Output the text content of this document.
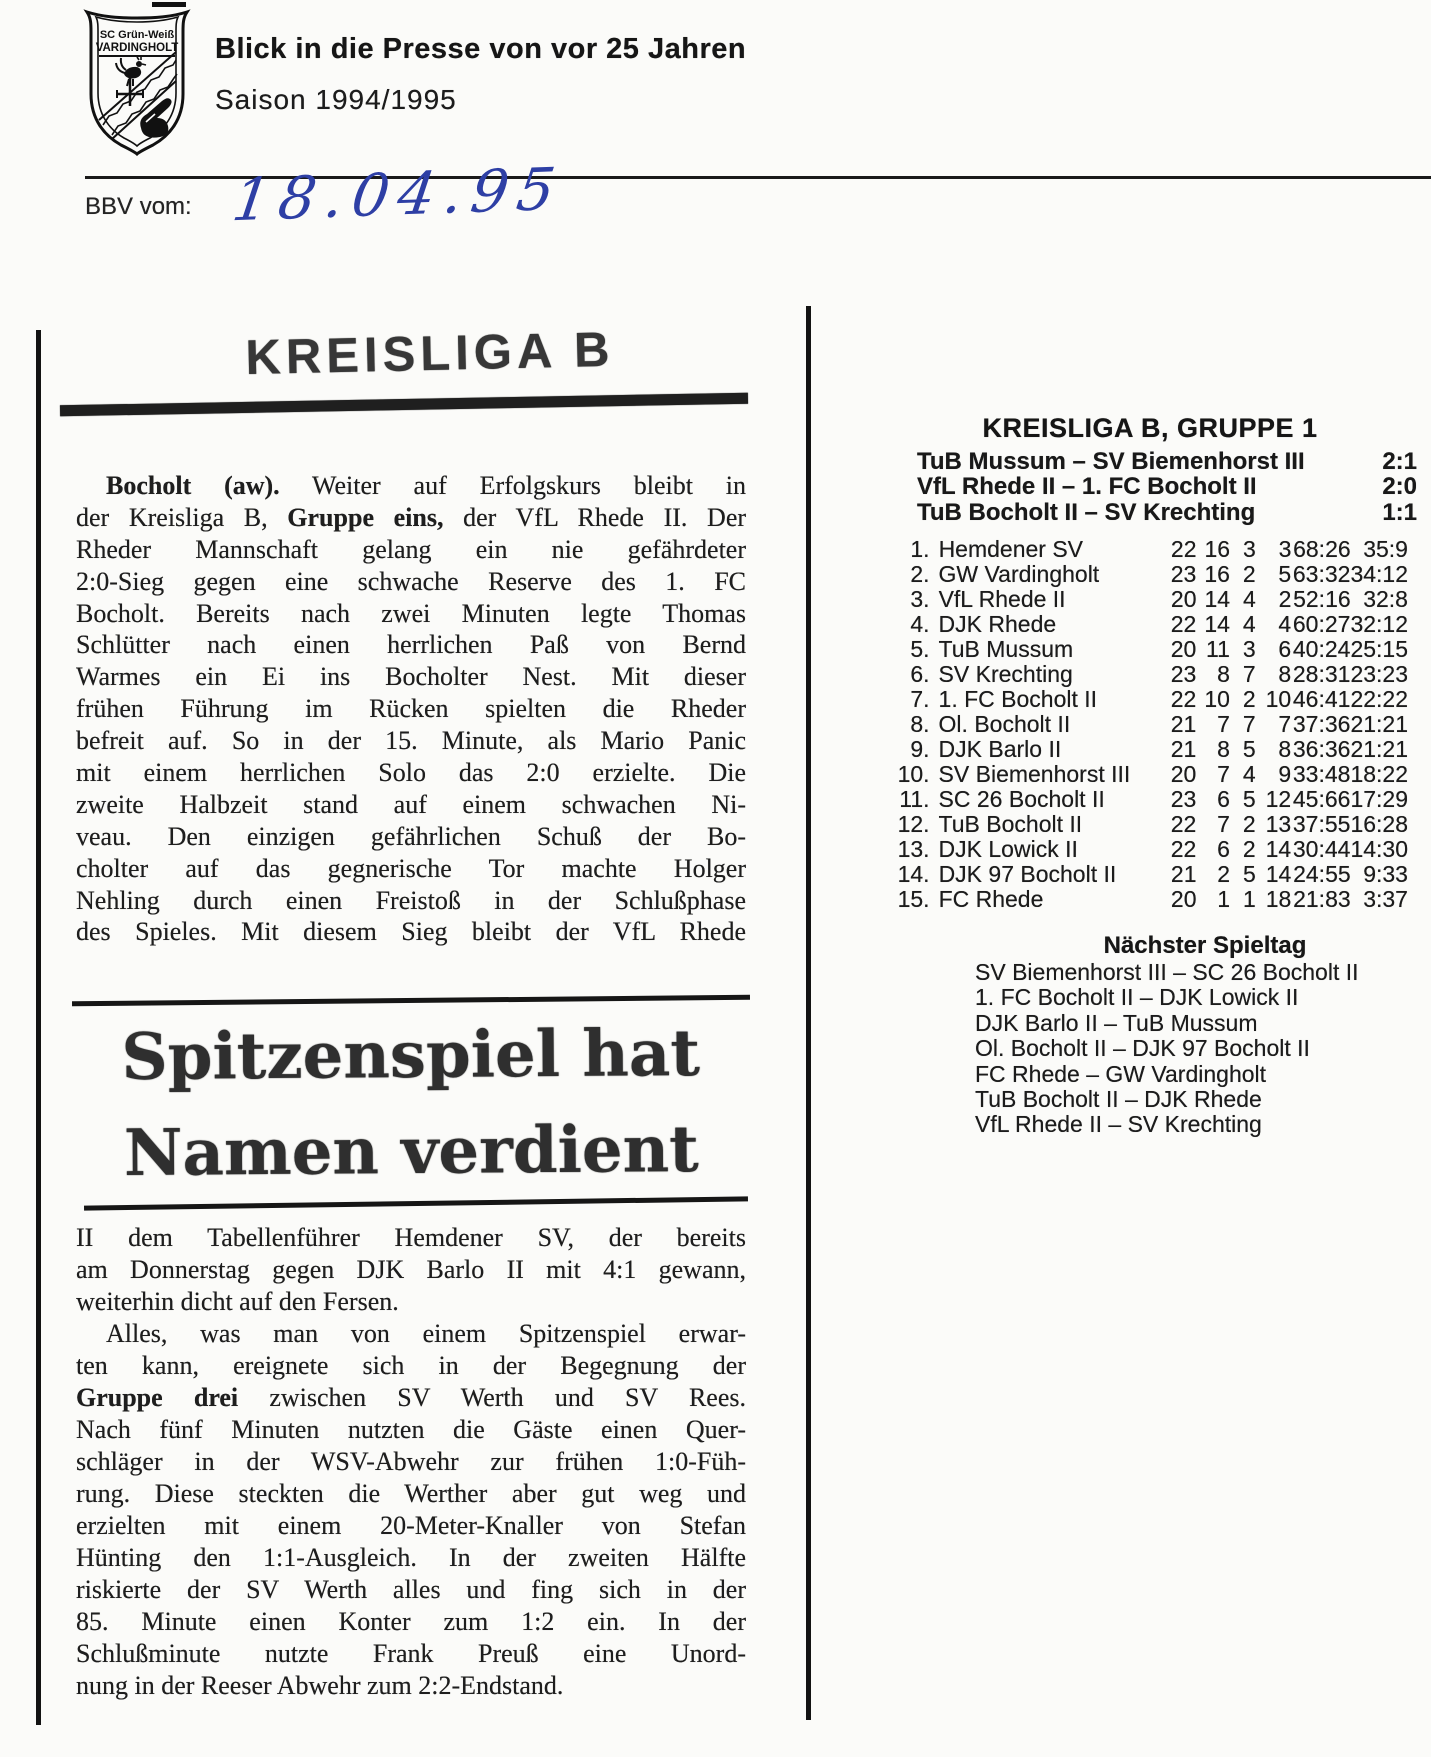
SC Grün-Weiß
VARDINGHOLT Blick in die Presse von vor 25 Jahren
Saison 1994/1995
BBV vom: 18.04.95
KREISLIGA B
Bocholt (aw). Weiter auf Erfolgskurs bleibt in
der Kreisliga B, Gruppe eins, der VfL Rhede II. Der
Rheder Mannschaft gelang ein nie gefährdeter
2:0-Sieg gegen eine schwache Reserve des 1. FC
Bocholt. Bereits nach zwei Minuten legte Thomas
Schlütter nach einen herrlichen Paß von Bernd
Warmes ein Ei ins Bocholter Nest. Mit dieser
frühen Führung im Rücken spielten die Rheder
befreit auf. So in der 15. Minute, als Mario Panic
mit einem herrlichen Solo das 2:0 erzielte. Die
zweite Halbzeit stand auf einem schwachen Ni-
veau. Den einzigen gefährlichen Schuß der Bo-
cholter auf das gegnerische Tor machte Holger
Nehling durch einen Freistoß in der Schlußphase
des Spieles. Mit diesem Sieg bleibt der VfL Rhede
Spitzenspiel hat
Namen verdient
II dem Tabellenführer Hemdener SV, der bereits
am Donnerstag gegen DJK Barlo II mit 4:1 gewann,
weiterhin dicht auf den Fersen.
Alles, was man von einem Spitzenspiel erwar-
ten kann, ereignete sich in der Begegnung der
Gruppe drei zwischen SV Werth und SV Rees.
Nach fünf Minuten nutzten die Gäste einen Quer-
schläger in der WSV-Abwehr zur frühen 1:0-Füh-
rung. Diese steckten die Werther aber gut weg und
erzielten mit einem 20-Meter-Knaller von Stefan
Hünting den 1:1-Ausgleich. In der zweiten Hälfte
riskierte der SV Werth alles und fing sich in der
85. Minute einen Konter zum 1:2 ein. In der
Schlußminute nutzte Frank Preuß eine Unord-
nung in der Reeser Abwehr zum 2:2-Endstand.
KREISLIGA B, GRUPPE 1
TuB Mussum – SV Biemenhorst III	2:1
VfL Rhede II – 1. FC Bocholt II	2:0
TuB Bocholt II – SV Krechting	1:1
1. Hemdener SV	22 16 3 3 68:26 35:9
2. GW Vardingholt	23 16 2 5 63:32 34:12
3. VfL Rhede II	20 14 4 2 52:16 32:8
4. DJK Rhede	22 14 4 4 60:27 32:12
5. TuB Mussum	20 11 3 6 40:24 25:15
6. SV Krechting	23 8 7 8 28:31 23:23
7. 1. FC Bocholt II	22 10 2 10 46:41 22:22
8. Ol. Bocholt II	21 7 7 7 37:36 21:21
9. DJK Barlo II	21 8 5 8 36:36 21:21
10. SV Biemenhorst III	20 7 4 9 33:48 18:22
11. SC 26 Bocholt II	23 6 5 12 45:66 17:29
12. TuB Bocholt II	22 7 2 13 37:55 16:28
13. DJK Lowick II	22 6 2 14 30:44 14:30
14. DJK 97 Bocholt II	21 2 5 14 24:55 9:33
15. FC Rhede	20 1 1 18 21:83 3:37
Nächster Spieltag
SV Biemenhorst III – SC 26 Bocholt II
1. FC Bocholt II – DJK Lowick II
DJK Barlo II – TuB Mussum
Ol. Bocholt II – DJK 97 Bocholt II
FC Rhede – GW Vardingholt
TuB Bocholt II – DJK Rhede
VfL Rhede II – SV Krechting
